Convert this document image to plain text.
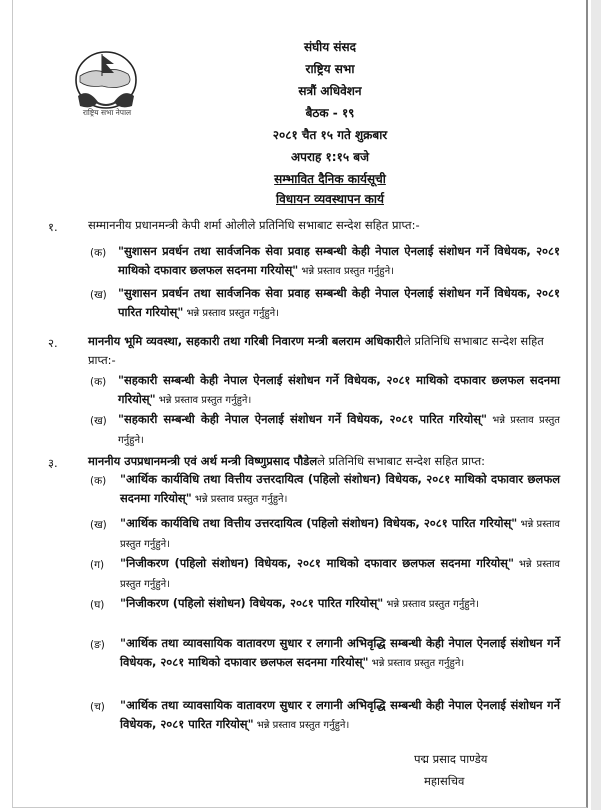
राष्ट्रिय सभा नेपाल
संघीय संसद
राष्ट्रिय सभा
सत्रौं अधिवेशन
बैठक - १९
२०८१ चैत १५ गते शुक्रबार
अपराह १:१५ बजे
सम्भावित दैनिक कार्यसूची
विधायन व्यवस्थापन कार्य
१.	सम्माननीय प्रधानमन्त्री केपी शर्मा ओलीले प्रतिनिधि सभाबाट सन्देश सहित प्राप्त:-
(क) "सुशासन प्रवर्धन तथा सार्वजनिक सेवा प्रवाह सम्बन्धी केही नेपाल ऐनलाई संशोधन गर्ने विधेयक, २०८१ माथिको दफावार छलफल सदनमा गरियोस्" भन्ने प्रस्ताव प्रस्तुत गर्नुहुने।
(ख) "सुशासन प्रवर्धन तथा सार्वजनिक सेवा प्रवाह सम्बन्धी केही नेपाल ऐनलाई संशोधन गर्ने विधेयक, २०८१ पारित गरियोस्" भन्ने प्रस्ताव प्रस्तुत गर्नुहुने।
२.	माननीय भूमि व्यवस्था, सहकारी तथा गरिबी निवारण मन्त्री बलराम अधिकारीले प्रतिनिधि सभाबाट सन्देश सहित प्राप्त:-
(क) "सहकारी सम्बन्धी केही नेपाल ऐनलाई संशोधन गर्ने विधेयक, २०८१ माथिको दफावार छलफल सदनमा गरियोस्" भन्ने प्रस्ताव प्रस्तुत गर्नुहुने।
(ख) "सहकारी सम्बन्धी केही नेपाल ऐनलाई संशोधन गर्ने विधेयक, २०८१ पारित गरियोस्" भन्ने प्रस्ताव प्रस्तुत गर्नुहुने।
३.	माननीय उपप्रधानमन्त्री एवं अर्थ मन्त्री विष्णुप्रसाद पौडेलले प्रतिनिधि सभाबाट सन्देश सहित प्राप्त:
(क) "आर्थिक कार्यविधि तथा वित्तीय उत्तरदायित्व (पहिलो संशोधन) विधेयक, २०८१ माथिको दफावार छलफल सदनमा गरियोस्" भन्ने प्रस्ताव प्रस्तुत गर्नुहुने।
(ख) "आर्थिक कार्यविधि तथा वित्तीय उत्तरदायित्व (पहिलो संशोधन) विधेयक, २०८१ पारित गरियोस्" भन्ने प्रस्ताव प्रस्तुत गर्नुहुने।
(ग) "निजीकरण (पहिलो संशोधन) विधेयक, २०८१ माथिको दफावार छलफल सदनमा गरियोस्" भन्ने प्रस्ताव प्रस्तुत गर्नुहुने।
(घ) "निजीकरण (पहिलो संशोधन) विधेयक, २०८१ पारित गरियोस्" भन्ने प्रस्ताव प्रस्तुत गर्नुहुने।
(ङ) "आर्थिक तथा व्यावसायिक वातावरण सुधार र लगानी अभिवृद्धि सम्बन्धी केही नेपाल ऐनलाई संशोधन गर्ने विधेयक, २०८१ माथिको दफावार छलफल सदनमा गरियोस्" भन्ने प्रस्ताव प्रस्तुत गर्नुहुने।
(च) "आर्थिक तथा व्यावसायिक वातावरण सुधार र लगानी अभिवृद्धि सम्बन्धी केही नेपाल ऐनलाई संशोधन गर्ने विधेयक, २०८१ पारित गरियोस्" भन्ने प्रस्ताव प्रस्तुत गर्नुहुने।
पद्म प्रसाद पाण्डेय
महासचिव
